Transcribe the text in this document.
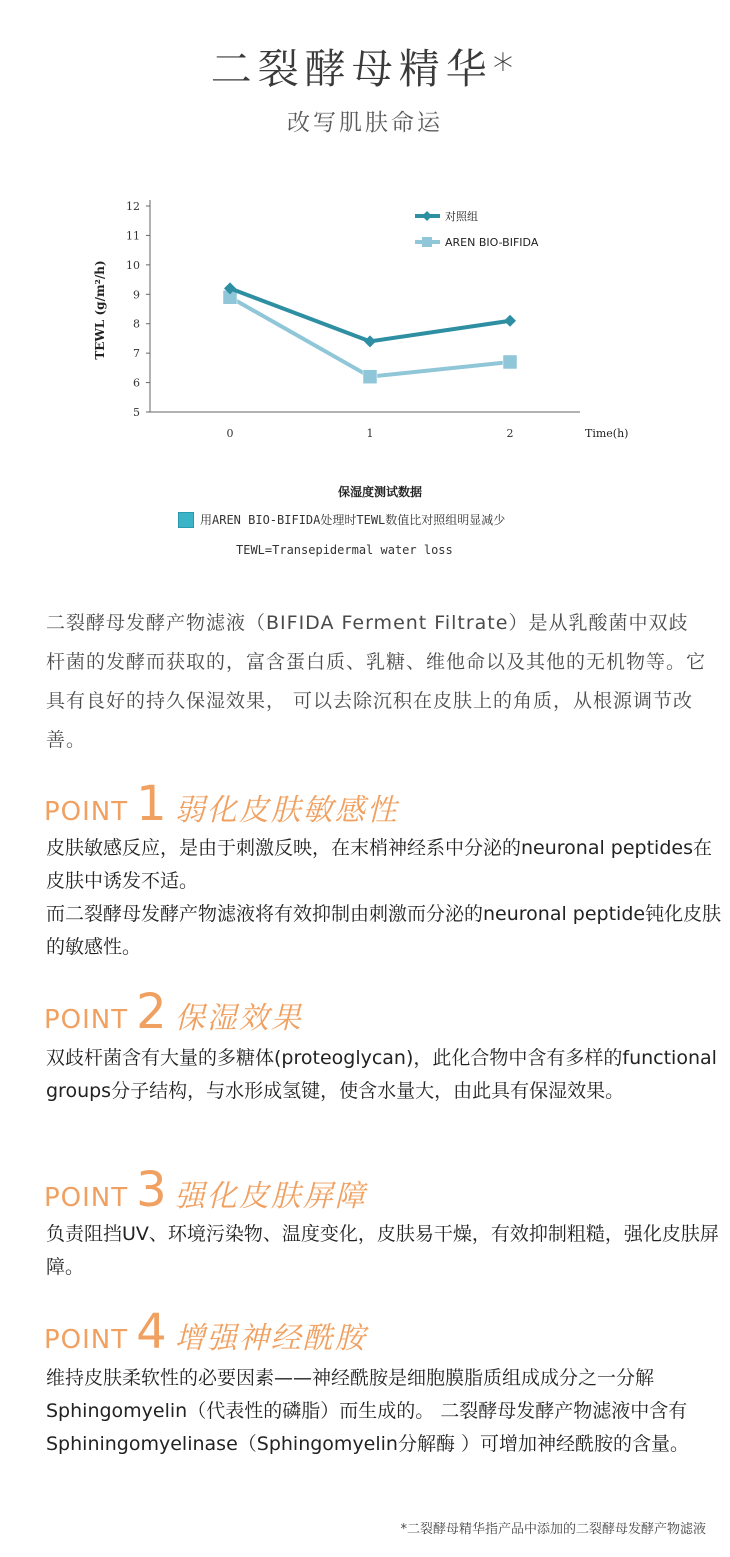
二裂酵母精华*
改写肌肤命运
TEWL (g/m²/h)
Time(h)
5
6
7
8
9
10
11
12
0	1	2
对照组
AREN BIO-BIFIDA
保湿度测试数据
用AREN BIO-BIFIDA处理时TEWL数值比对照组明显减少
TEWL=Transepidermal water loss
二裂酵母发酵产物滤液（BIFIDA Ferment Filtrate）是从乳酸菌中双歧杆菌的发酵而获取的，富含蛋白质、乳糖、维他命以及其他的无机物等。它具有良好的持久保湿效果， 可以去除沉积在皮肤上的角质，从根源调节改善。
POINT 1 弱化皮肤敏感性

皮肤敏感反应，是由于刺激反映，在末梢神经系中分泌的neuronal peptides在皮肤中诱发不适。

而二裂酵母发酵产物滤液将有效抑制由刺激而分泌的neuronal peptide钝化皮肤的敏感性。

POINT 2 保湿效果

双歧杆菌含有大量的多糖体(proteoglycan)，此化合物中含有多样的functional groups分子结构，与水形成氢键，使含水量大，由此具有保湿效果。

POINT 3 强化皮肤屏障

负责阻挡UV、环境污染物、温度变化，皮肤易干燥，有效抑制粗糙，强化皮肤屏障。

POINT 4 增强神经酰胺

维持皮肤柔软性的必要因素——神经酰胺是细胞膜脂质组成成分之一分解Sphingomyelin（代表性的磷脂）而生成的。 二裂酵母发酵产物滤液中含有Sphiningomyelinase（Sphingomyelin分解酶 ）可增加神经酰胺的含量。

*二裂酵母精华指产品中添加的二裂酵母发酵产物滤液
